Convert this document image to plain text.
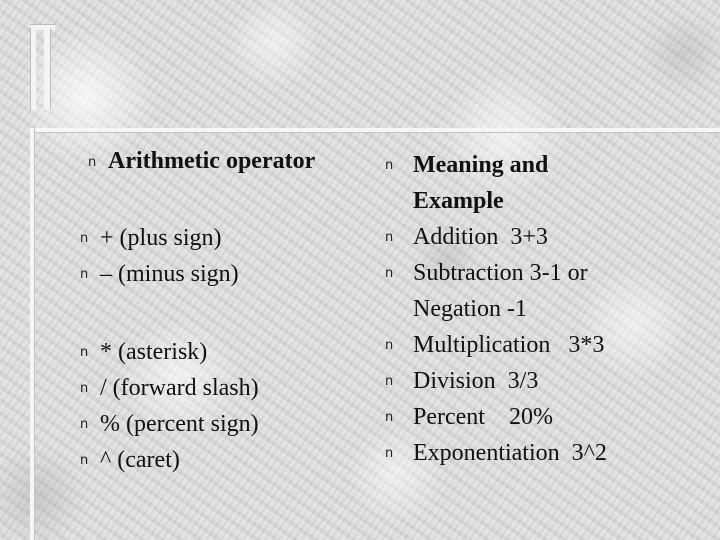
n Arithmetic operator
n + (plus sign)
n – (minus sign)
n * (asterisk)
n / (forward slash)
n % (percent sign)
n ^ (caret)
n Meaning and
Example
n Addition  3+3
n Subtraction 3-1 or
Negation -1
n Multiplication   3*3
n Division  3/3
n Percent    20%
n Exponentiation  3^2
